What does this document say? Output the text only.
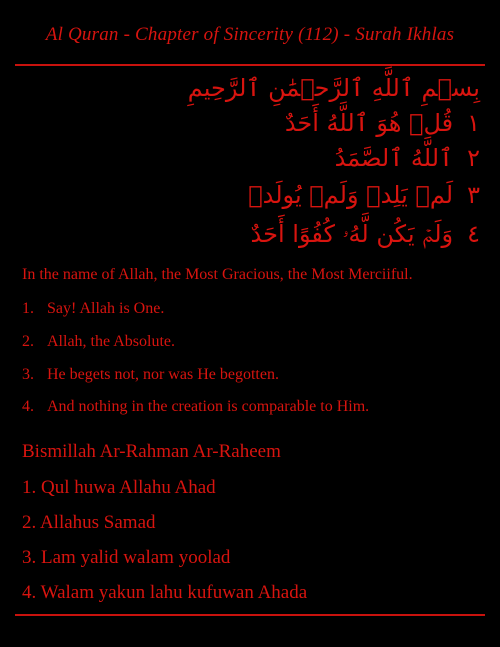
Al Quran - Chapter of Sincerity (112) - Surah Ikhlas
بِسۡمِ ٱللَّهِ ٱلرَّحۡمَٰنِ ٱلرَّحِيمِ
١قُلۡ هُوَ ٱللَّهُ أَحَدٌ
٢ٱللَّهُ ٱلصَّمَدُ
٣لَمۡ يَلِدۡ وَلَمۡ يُولَدۡ
٤وَلَمۡ يَكُن لَّهُۥ كُفُوًا أَحَدٌ
In the name of Allah, the Most Gracious, the Most Merciiful.
1. Say! Allah is One.
2. Allah, the Absolute.
3. He begets not, nor was He begotten.
4. And nothing in the creation is comparable to Him.
Bismillah Ar-Rahman Ar-Raheem
1. Qul huwa Allahu Ahad
2. Allahus Samad
3. Lam yalid walam yoolad
4. Walam yakun lahu kufuwan Ahada
